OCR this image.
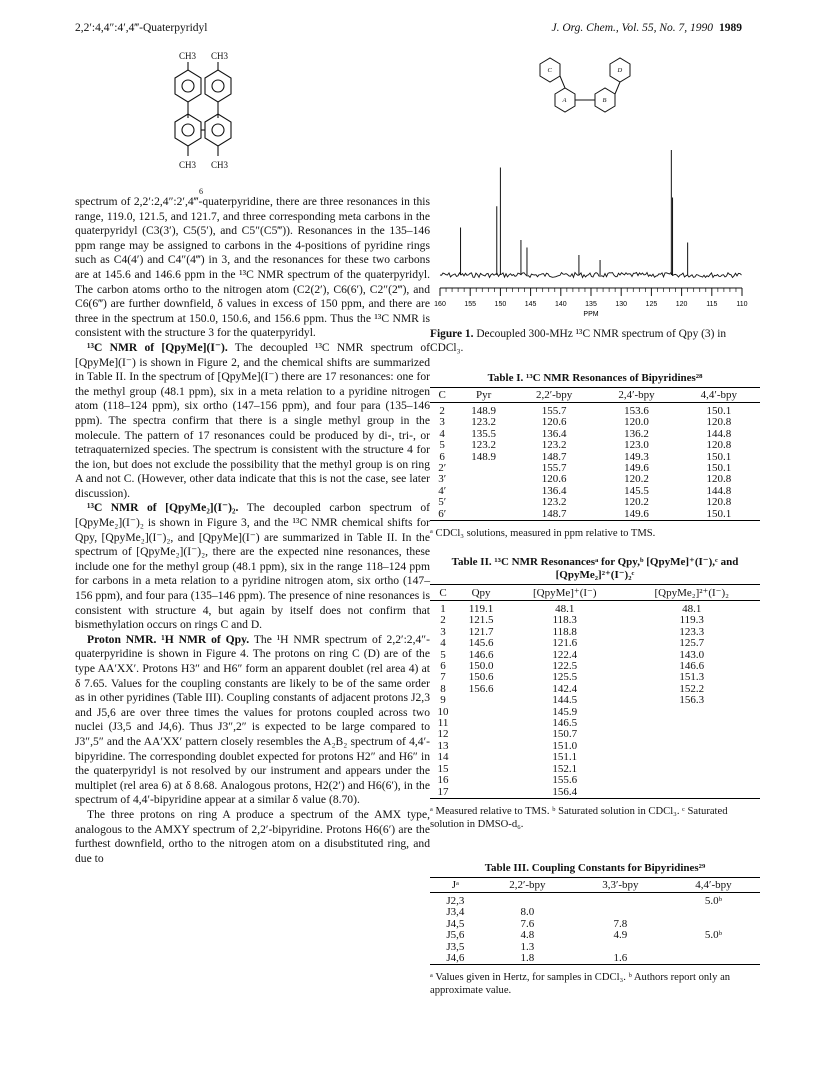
2,2′:4,4″:4′,4‴-Quaterpyridyl	J. Org. Chem., Vol. 55, No. 7, 1990 1989
CH3 CH3
CH3 CH3
6
C	D
A	B
160	155	150	145	140	135	130	125	120	115	110
PPM
Figure 1. Decoupled 300-MHz ¹³C NMR spectrum of Qpy (3) in CDCl₃.

spectrum of 2,2′:2,4″:2′,4‴-quaterpyridine, there are three resonances in this range, 119.0, 121.5, and 121.7, and three corresponding meta carbons in the quaterpyridyl (C3(3′), C5(5′), and C5″(C5‴)). Resonances in the 135–146 ppm range may be assigned to carbons in the 4-positions of pyridine rings such as C4(4′) and C4″(4‴) in 3, and the resonances for these two carbons are at 145.6 and 146.6 ppm in the ¹³C NMR spectrum of the quaterpyridyl. The carbon atoms ortho to the nitrogen atom (C2(2′), C6(6′), C2″(2‴), and C6(6‴) are further downfield, δ values in excess of 150 ppm, and there are three in the spectrum at 150.0, 150.6, and 156.6 ppm. Thus the ¹³C NMR is consistent with the structure 3 for the quaterpyridyl.

¹³C NMR of [QpyMe](I⁻). The decoupled ¹³C NMR spectrum of [QpyMe](I⁻) is shown in Figure 2, and the chemical shifts are summarized in Table II. In the spectrum of [QpyMe](I⁻) there are 17 resonances: one for the methyl group (48.1 ppm), six in a meta relation to a pyridine nitrogen atom (118–124 ppm), six ortho (147–156 ppm), and four para (135–146 ppm). The spectra confirm that there is a single methyl group in the molecule. The pattern of 17 resonances could be produced by di-, tri-, or tetraquaternized species. The spectrum is consistent with the structure 4 for the ion, but does not exclude the possibility that the methyl group is on ring A and not C. (However, other data indicate that this is not the case, see later discussion).

¹³C NMR of [QpyMe₂](I⁻)₂. The decoupled carbon spectrum of [QpyMe₂](I⁻)₂ is shown in Figure 3, and the ¹³C NMR chemical shifts for Qpy, [QpyMe₂](I⁻)₂, and [QpyMe](I⁻) are summarized in Table II. In the spectrum of [QpyMe₂](I⁻)₂, there are the expected nine resonances, these include one for the methyl group (48.1 ppm), six in the range 118–124 ppm for carbons in a meta relation to a pyridine nitrogen atom, six ortho (147–156 ppm), and four para (135–146 ppm). The presence of nine resonances is consistent with structure 4, but again by itself does not confirm that bismethylation occurs on rings C and D.

Proton NMR. ¹H NMR of Qpy. The ¹H NMR spectrum of 2,2′:2,4″-quaterpyridine is shown in Figure 4. The protons on ring C (D) are of the type AA′XX′. Protons H3″ and H6″ form an apparent doublet (rel area 4) at δ 7.65. Values for the coupling constants are likely to be of the same order as in other pyridines (Table III). Coupling constants of adjacent protons J2,3 and J5,6 are over three times the values for protons coupled across two nuclei (J3,5 and J4,6). Thus J3″,2″ is expected to be large compared to J3″,5″ and the AA′XX′ pattern closely resembles the A₂B₂ spectrum of 4,4′-bipyridine. The corresponding doublet expected for protons H2″ and H6″ in the quaterpyridyl is not resolved by our instrument and appears under the multiplet (rel area 6) at δ 8.68. Analogous protons, H2(2′) and H6(6′), in the spectrum of 4,4′-bipyridine appear at a similar δ value (8.70).

The three protons on ring A produce a spectrum of the AMX type, analogous to the AMXY spectrum of 2,2′-bipyridine. Protons H6(6′) are the furthest downfield, ortho to the nitrogen atom on a disubstituted ring, and due to

Table I. ¹³C NMR Resonances of Bipyridines²⁸
C	Pyr	2,2′-bpy	2,4′-bpy	4,4′-bpy
2	148.9	155.7	153.6	150.1
3	123.2	120.6	120.0	120.8
4	135.5	136.4	136.2	144.8
5	123.2	123.2	123.0	120.8
6	148.9	148.7	149.3	150.1
2′		155.7	149.6	150.1
3′		120.6	120.2	120.8
4′		136.4	145.5	144.8
5′		123.2	120.2	120.8
6′		148.7	149.6	150.1
ᵃ CDCl₃ solutions, measured in ppm relative to TMS.
Table II. ¹³C NMR Resonancesᵃ for Qpy,ᵇ [QpyMe]⁺(I⁻),ᶜ and [QpyMe₂]²⁺(I⁻)₂ᶜ
C	Qpy	[QpyMe]⁺(I⁻)	[QpyMe₂]²⁺(I⁻)₂
1	119.1	48.1	48.1
2	121.5	118.3	119.3
3	121.7	118.8	123.3
4	145.6	121.6	125.7
5	146.6	122.4	143.0
6	150.0	122.5	146.6
7	150.6	125.5	151.3
8	156.6	142.4	152.2
9		144.5	156.3
10		145.9	
11		146.5	
12		150.7	
13		151.0	
14		151.1	
15		152.1	
16		155.6	
17		156.4	
ᵃ Measured relative to TMS. ᵇ Saturated solution in CDCl₃. ᶜ Saturated solution in DMSO-d₆.
Table III. Coupling Constants for Bipyridines²⁹
Jᵃ	2,2′-bpy	3,3′-bpy	4,4′-bpy
J2,3			5.0ᵇ
J3,4	8.0		
J4,5	7.6	7.8	
J5,6	4.8	4.9	5.0ᵇ
J3,5	1.3		
J4,6	1.8	1.6	
ᵃ Values given in Hertz, for samples in CDCl₃. ᵇ Authors report only an approximate value.
